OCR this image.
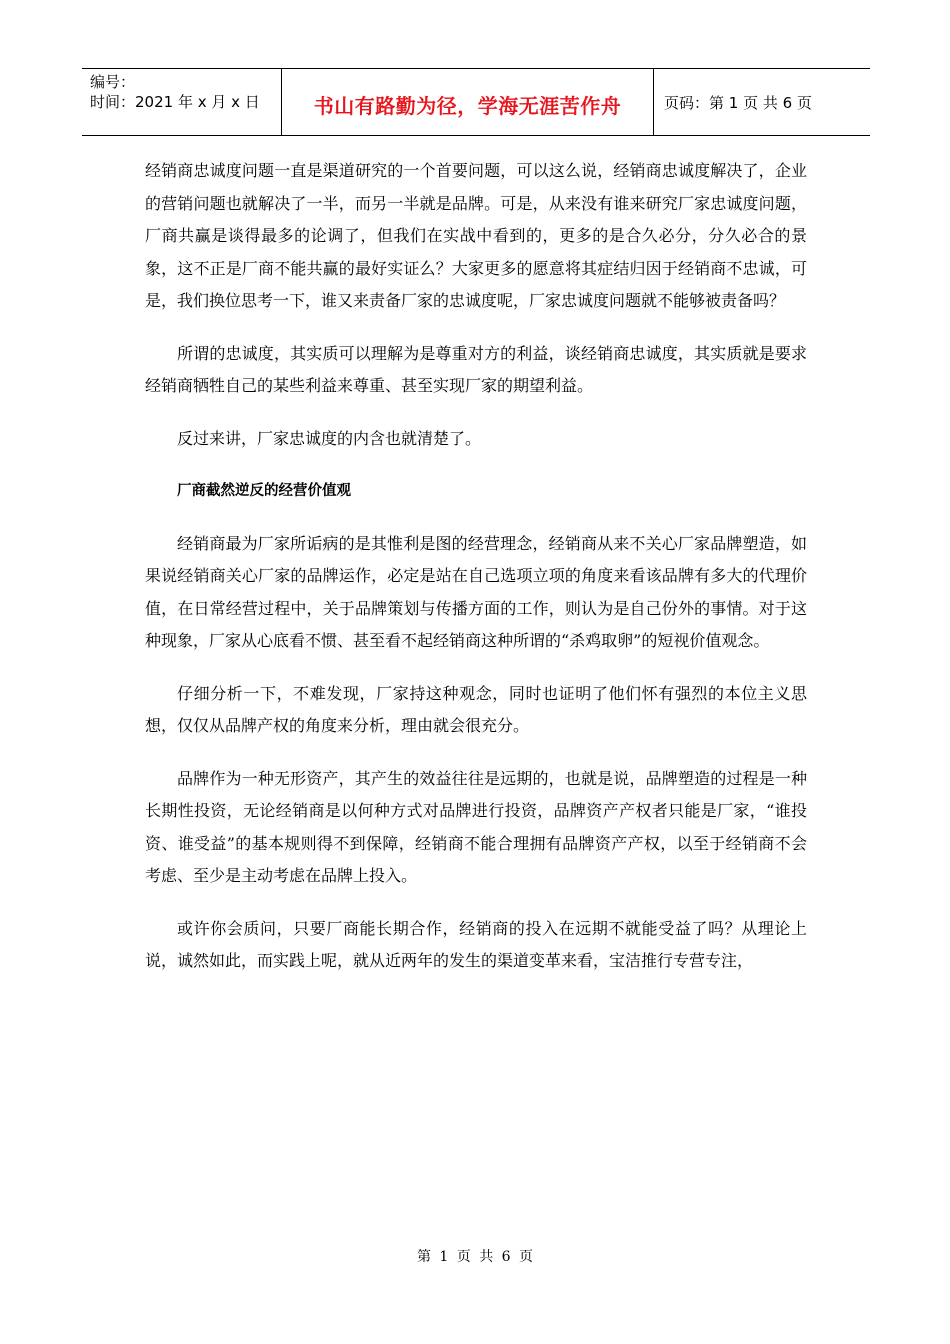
编号：
时间：2021 年 x 月 x 日	书山有路勤为径，学海无涯苦作舟	页码：第 1 页 共 6 页

经销商忠诚度问题一直是渠道研究的一个首要问题，可以这么说，经销商忠诚度解决了，企业的营销问题也就解决了一半，而另一半就是品牌。可是，从来没有谁来研究厂家忠诚度问题，厂商共赢是谈得最多的论调了，但我们在实战中看到的，更多的是合久必分，分久必合的景象，这不正是厂商不能共赢的最好实证么？大家更多的愿意将其症结归因于经销商不忠诚，可是，我们换位思考一下，谁又来责备厂家的忠诚度呢，厂家忠诚度问题就不能够被责备吗？

所谓的忠诚度，其实质可以理解为是尊重对方的利益，谈经销商忠诚度，其实质就是要求经销商牺牲自己的某些利益来尊重、甚至实现厂家的期望利益。

反过来讲，厂家忠诚度的内含也就清楚了。

厂商截然逆反的经营价值观

经销商最为厂家所诟病的是其惟利是图的经营理念，经销商从来不关心厂家品牌塑造，如果说经销商关心厂家的品牌运作，必定是站在自己选项立项的角度来看该品牌有多大的代理价值，在日常经营过程中，关于品牌策划与传播方面的工作，则认为是自己份外的事情。对于这种现象，厂家从心底看不惯、甚至看不起经销商这种所谓的“杀鸡取卵”的短视价值观念。

仔细分析一下，不难发现，厂家持这种观念，同时也证明了他们怀有强烈的本位主义思想，仅仅从品牌产权的角度来分析，理由就会很充分。

品牌作为一种无形资产，其产生的效益往往是远期的，也就是说，品牌塑造的过程是一种长期性投资，无论经销商是以何种方式对品牌进行投资，品牌资产产权者只能是厂家，“谁投资、谁受益”的基本规则得不到保障，经销商不能合理拥有品牌资产产权，以至于经销商不会考虑、至少是主动考虑在品牌上投入。

或许你会质问，只要厂商能长期合作，经销商的投入在远期不就能受益了吗？从理论上说，诚然如此，而实践上呢，就从近两年的发生的渠道变革来看，宝洁推行专营专注，

第 1 页 共 6 页
